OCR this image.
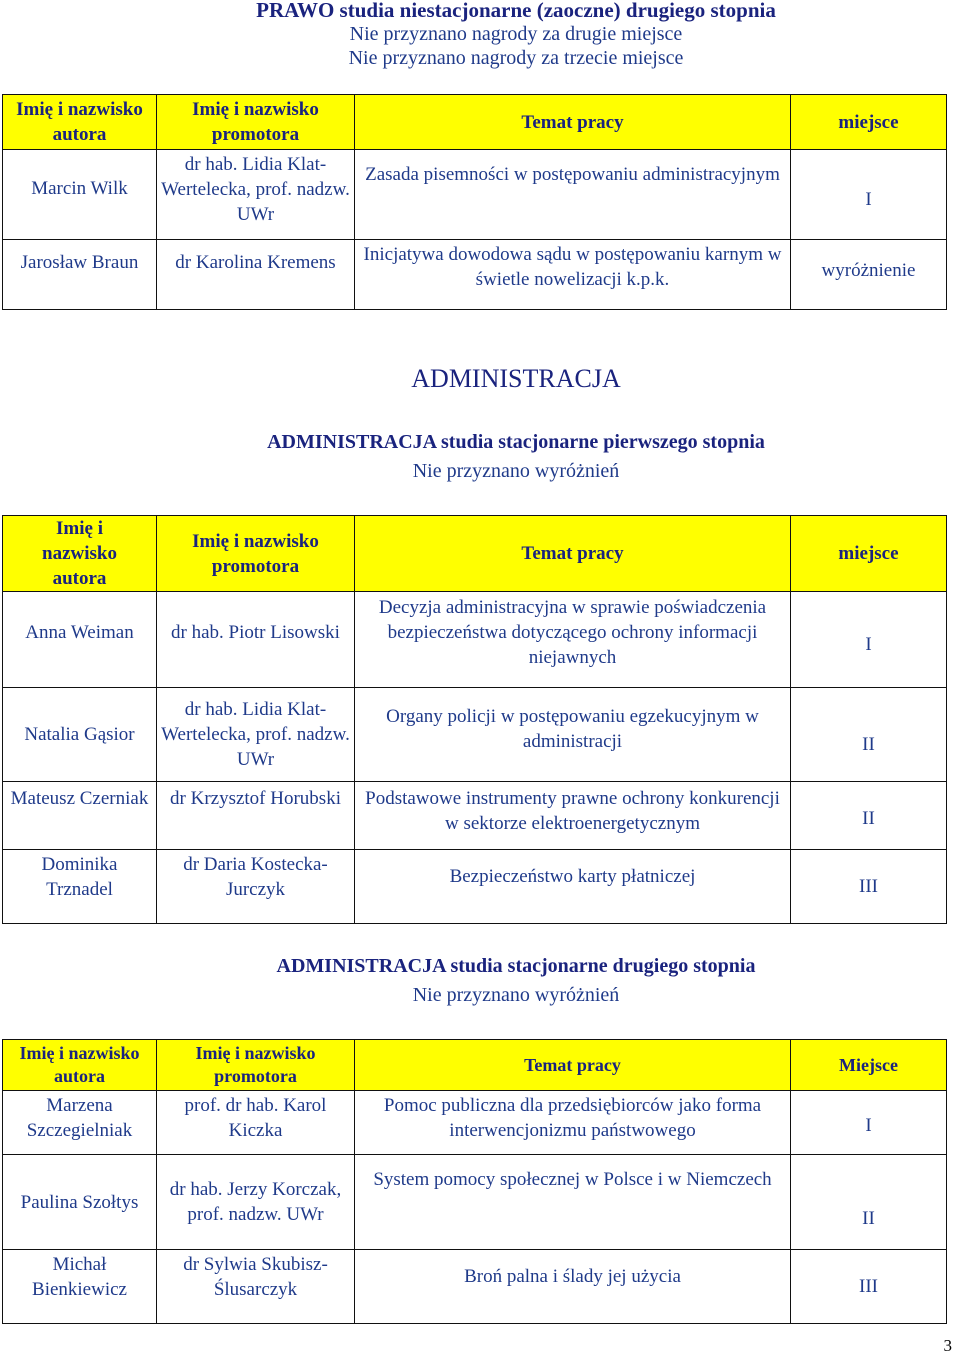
PRAWO studia niestacjonarne (zaoczne) drugiego stopnia
Nie przyznano nagrody za drugie miejsce
Nie przyznano nagrody za trzecie miejsce
Imię i nazwisko autora	Imię i nazwisko promotora	Temat pracy	miejsce
Marcin Wilk	dr hab. Lidia Klat-Wertelecka, prof. nadzw. UWr	Zasada pisemności w postępowaniu administracyjnym	I
Jarosław Braun	dr Karolina Kremens	Inicjatywa dowodowa sądu w postępowaniu karnym w świetle nowelizacji k.p.k.	wyróżnienie
ADMINISTRACJA
ADMINISTRACJA studia stacjonarne pierwszego stopnia
Nie przyznano wyróżnień
Imię i nazwisko autora	Imię i nazwisko promotora	Temat pracy	miejsce
Anna Weiman	dr hab. Piotr Lisowski	Decyzja administracyjna w sprawie poświadczenia bezpieczeństwa dotyczącego ochrony informacji niejawnych	I
Natalia Gąsior	dr hab. Lidia Klat-Wertelecka, prof. nadzw. UWr	Organy policji w postępowaniu egzekucyjnym w administracji	II
Mateusz Czerniak	dr Krzysztof Horubski	Podstawowe instrumenty prawne ochrony konkurencji w sektorze elektroenergetycznym	II
Dominika Trznadel	dr Daria Kostecka-Jurczyk	Bezpieczeństwo karty płatniczej	III
ADMINISTRACJA studia stacjonarne drugiego stopnia
Nie przyznano wyróżnień
Imię i nazwisko autora	Imię i nazwisko promotora	Temat pracy	Miejsce
Marzena Szczegielniak	prof. dr hab. Karol Kiczka	Pomoc publiczna dla przedsiębiorców jako forma interwencjonizmu państwowego	I
Paulina Szołtys	dr hab. Jerzy Korczak, prof. nadzw. UWr	System pomocy społecznej w Polsce i w Niemczech	II
Michał Bienkiewicz	dr Sylwia Skubisz-Ślusarczyk	Broń palna i ślady jej użycia	III
3
